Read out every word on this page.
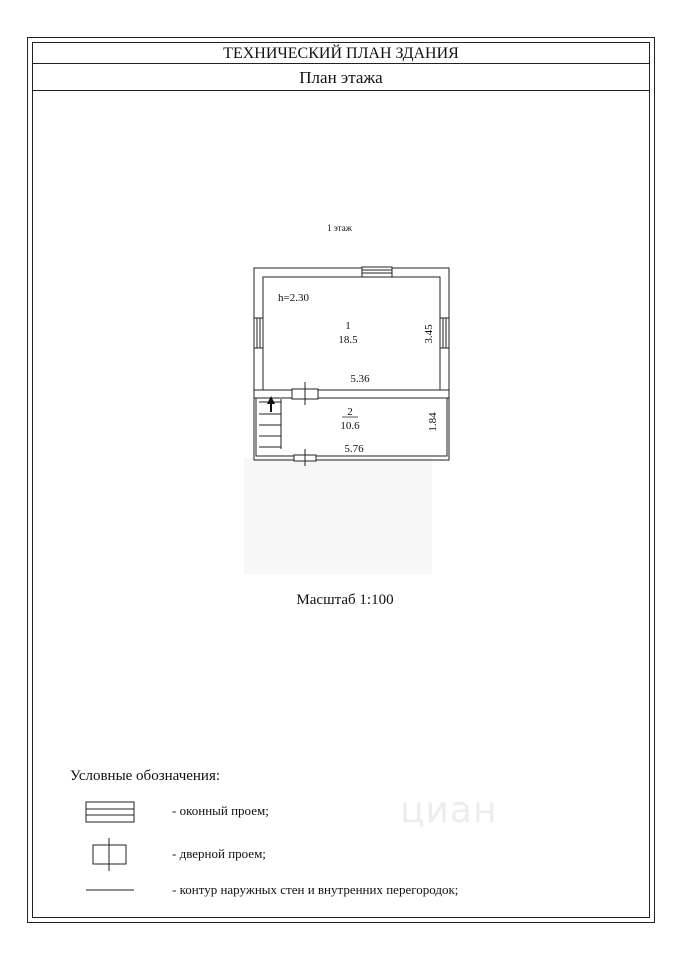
ТЕХНИЧЕСКИЙ ПЛАН ЗДАНИЯ
План этажа
1 этаж
h=2.30
1
18.5
5.36
3.45
2
10.6
5.76
1.84
Масштаб 1:100
Условные обозначения:
- оконный проем;
- дверной проем;
- контур наружных стен и внутренних перегородок;
циан
